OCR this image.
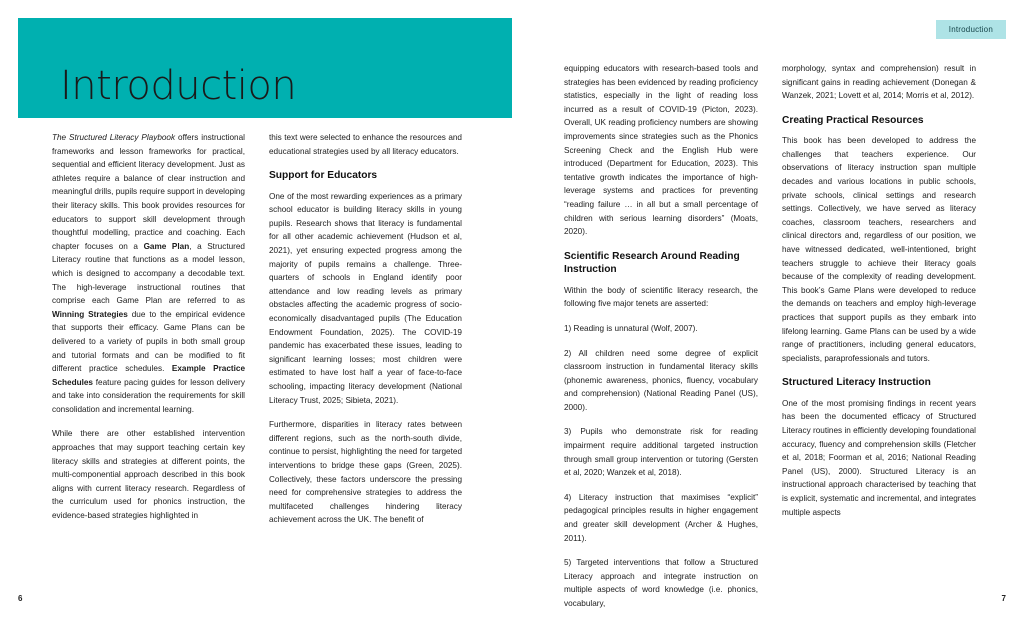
Introduction

The Structured Literacy Playbook offers instructional frameworks and lesson frameworks for practical, sequential and efficient literacy development. Just as athletes require a balance of clear instruction and meaningful drills, pupils require support in developing their literacy skills. This book provides resources for educators to support skill development through thoughtful modelling, practice and coaching. Each chapter focuses on a Game Plan, a Structured Literacy routine that functions as a model lesson, which is designed to accompany a decodable text. The high-leverage instructional routines that comprise each Game Plan are referred to as Winning Strategies due to the empirical evidence that supports their efficacy. Game Plans can be delivered to a variety of pupils in both small group and tutorial formats and can be modified to fit different practice schedules. Example Practice Schedules feature pacing guides for lesson delivery and take into consideration the requirements for skill consolidation and incremental learning.

While there are other established intervention approaches that may support teaching certain key literacy skills and strategies at different points, the multi-componential approach described in this book aligns with current literacy research. Regardless of the curriculum used for phonics instruction, the evidence-based strategies highlighted in

this text were selected to enhance the resources and educational strategies used by all literacy educators.

Support for Educators

One of the most rewarding experiences as a primary school educator is building literacy skills in young pupils. Research shows that literacy is fundamental for all other academic achievement (Hudson et al, 2021), yet ensuring expected progress among the majority of pupils remains a challenge. Three-quarters of schools in England identify poor attendance and low reading levels as primary obstacles affecting the academic progress of socio-economically disadvantaged pupils (The Education Endowment Foundation, 2025). The COVID-19 pandemic has exacerbated these issues, leading to significant learning losses; most children were estimated to have lost half a year of face-to-face schooling, impacting literacy development (National Literacy Trust, 2025; Sibieta, 2021).

Furthermore, disparities in literacy rates between different regions, such as the north-south divide, continue to persist, highlighting the need for targeted interventions to bridge these gaps (Green, 2025). Collectively, these factors underscore the pressing need for comprehensive strategies to address the multifaceted challenges hindering literacy achievement across the UK. The benefit of

6
Introduction

equipping educators with research-based tools and strategies has been evidenced by reading proficiency statistics, especially in the light of reading loss incurred as a result of COVID-19 (Picton, 2023). Overall, UK reading proficiency numbers are showing improvements since strategies such as the Phonics Screening Check and the English Hub were introduced (Department for Education, 2023). This tentative growth indicates the importance of high-leverage systems and practices for preventing “reading failure … in all but a small percentage of children with serious learning disorders” (Moats, 2020).

Scientific Research Around Reading Instruction

Within the body of scientific literacy research, the following five major tenets are asserted:

1) Reading is unnatural (Wolf, 2007).

2) All children need some degree of explicit classroom instruction in fundamental literacy skills (phonemic awareness, phonics, fluency, vocabulary and comprehension) (National Reading Panel (US), 2000).

3) Pupils who demonstrate risk for reading impairment require additional targeted instruction through small group intervention or tutoring (Gersten et al, 2020; Wanzek et al, 2018).

4) Literacy instruction that maximises “explicit” pedagogical principles results in higher engagement and greater skill development (Archer & Hughes, 2011).

5) Targeted interventions that follow a Structured Literacy approach and integrate instruction on multiple aspects of word knowledge (i.e. phonics, vocabulary,

morphology, syntax and comprehension) result in significant gains in reading achievement (Donegan & Wanzek, 2021; Lovett et al, 2014; Morris et al, 2012).

Creating Practical Resources

This book has been developed to address the challenges that teachers experience. Our observations of literacy instruction span multiple decades and various locations in public schools, private schools, clinical settings and research settings. Collectively, we have served as literacy coaches, classroom teachers, researchers and clinical directors and, regardless of our position, we have witnessed dedicated, well-intentioned, bright teachers struggle to achieve their literacy goals because of the complexity of reading development. This book’s Game Plans were developed to reduce the demands on teachers and employ high-leverage practices that support pupils as they embark into lifelong learning. Game Plans can be used by a wide range of practitioners, including general educators, specialists, paraprofessionals and tutors.

Structured Literacy Instruction

One of the most promising findings in recent years has been the documented efficacy of Structured Literacy routines in efficiently developing foundational accuracy, fluency and comprehension skills (Fletcher et al, 2018; Foorman et al, 2016; National Reading Panel (US), 2000). Structured Literacy is an instructional approach characterised by teaching that is explicit, systematic and incremental, and integrates multiple aspects

7
